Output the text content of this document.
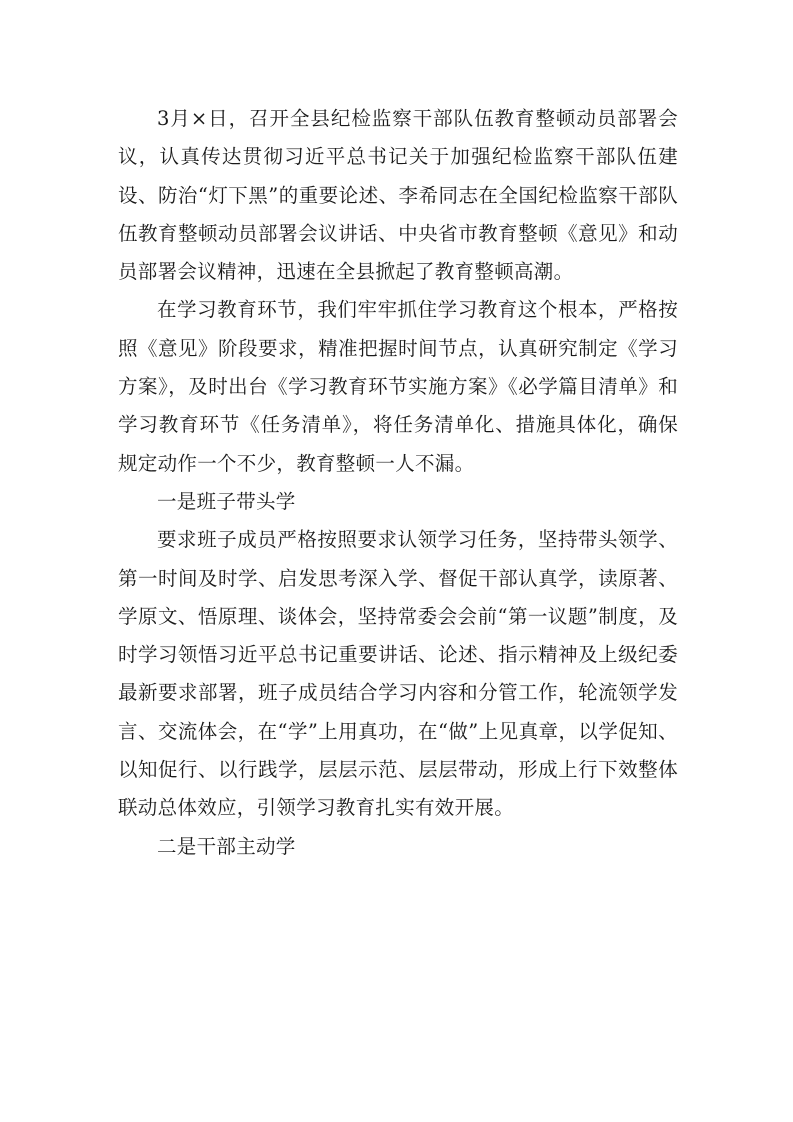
3月×日，召开全县纪检监察干部队伍教育整顿动员部署会议，认真传达贯彻习近平总书记关于加强纪检监察干部队伍建设、防治“灯下黑”的重要论述、李希同志在全国纪检监察干部队伍教育整顿动员部署会议讲话、中央省市教育整顿《意见》和动员部署会议精神，迅速在全县掀起了教育整顿高潮。

在学习教育环节，我们牢牢抓住学习教育这个根本，严格按照《意见》阶段要求，精准把握时间节点，认真研究制定《学习方案》，及时出台《学习教育环节实施方案》《必学篇目清单》和学习教育环节《任务清单》，将任务清单化、措施具体化，确保规定动作一个不少，教育整顿一人不漏。

一是班子带头学

要求班子成员严格按照要求认领学习任务，坚持带头领学、第一时间及时学、启发思考深入学、督促干部认真学，读原著、学原文、悟原理、谈体会，坚持常委会会前“第一议题”制度，及时学习领悟习近平总书记重要讲话、论述、指示精神及上级纪委最新要求部署，班子成员结合学习内容和分管工作，轮流领学发言、交流体会，在“学”上用真功，在“做”上见真章，以学促知、以知促行、以行践学，层层示范、层层带动，形成上行下效整体联动总体效应，引领学习教育扎实有效开展。

二是干部主动学
